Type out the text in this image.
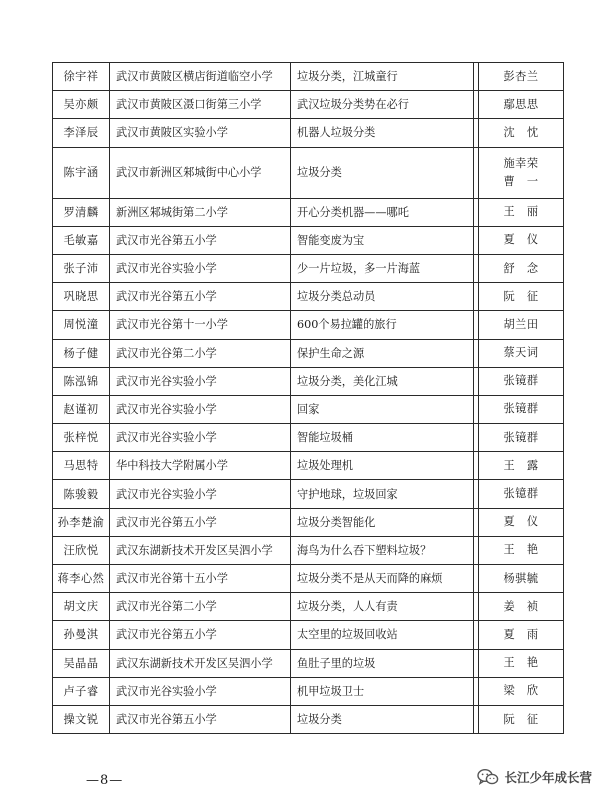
徐宇祥	武汉市黄陂区横店街道临空小学	垃圾分类，江城童行		彭杏兰

吴亦颇	武汉市黄陂区滠口街第三小学	武汉垃圾分类势在必行		鄢思思

李泽辰	武汉市黄陂区实验小学	机器人垃圾分类		沈　忱

陈宇涵	武汉市新洲区邾城街中心小学	垃圾分类		施幸荣
曹　一

罗清麟	新洲区邾城街第二小学	开心分类机器——哪吒		王　丽

毛敏嘉	武汉市光谷第五小学	智能变废为宝		夏　仪

张子沛	武汉市光谷实验小学	少一片垃圾，多一片海蓝		舒　念

巩晓思	武汉市光谷第五小学	垃圾分类总动员		阮　征

周悦潼	武汉市光谷第十一小学	600个易拉罐的旅行		胡兰田

杨子健	武汉市光谷第二小学	保护生命之源		蔡天词

陈泓锦	武汉市光谷实验小学	垃圾分类，美化江城		张镜群

赵谨初	武汉市光谷实验小学	回家		张镜群

张梓悦	武汉市光谷实验小学	智能垃圾桶		张镜群

马思特	华中科技大学附属小学	垃圾处理机		王　露

陈骏毅	武汉市光谷实验小学	守护地球，垃圾回家		张镱群

孙李楚渝	武汉市光谷第五小学	垃圾分类智能化		夏　仪

汪欣悦	武汉东湖新技术开发区吴泗小学	海鸟为什么吞下塑料垃圾？		王　艳

蒋李心然	武汉市光谷第十五小学	垃圾分类不是从天而降的麻烦		杨骐毓

胡文庆	武汉市光谷第二小学	垃圾分类，人人有责		姜　祯

孙曼淇	武汉市光谷第五小学	太空里的垃圾回收站		夏　雨

吴晶晶	武汉东湖新技术开发区吴泗小学	鱼肚子里的垃圾		王　艳

卢子睿	武汉市光谷实验小学	机甲垃圾卫士		梁　欣

操文锐	武汉市光谷第五小学	垃圾分类		阮　征
—8—	长江少年成长营
